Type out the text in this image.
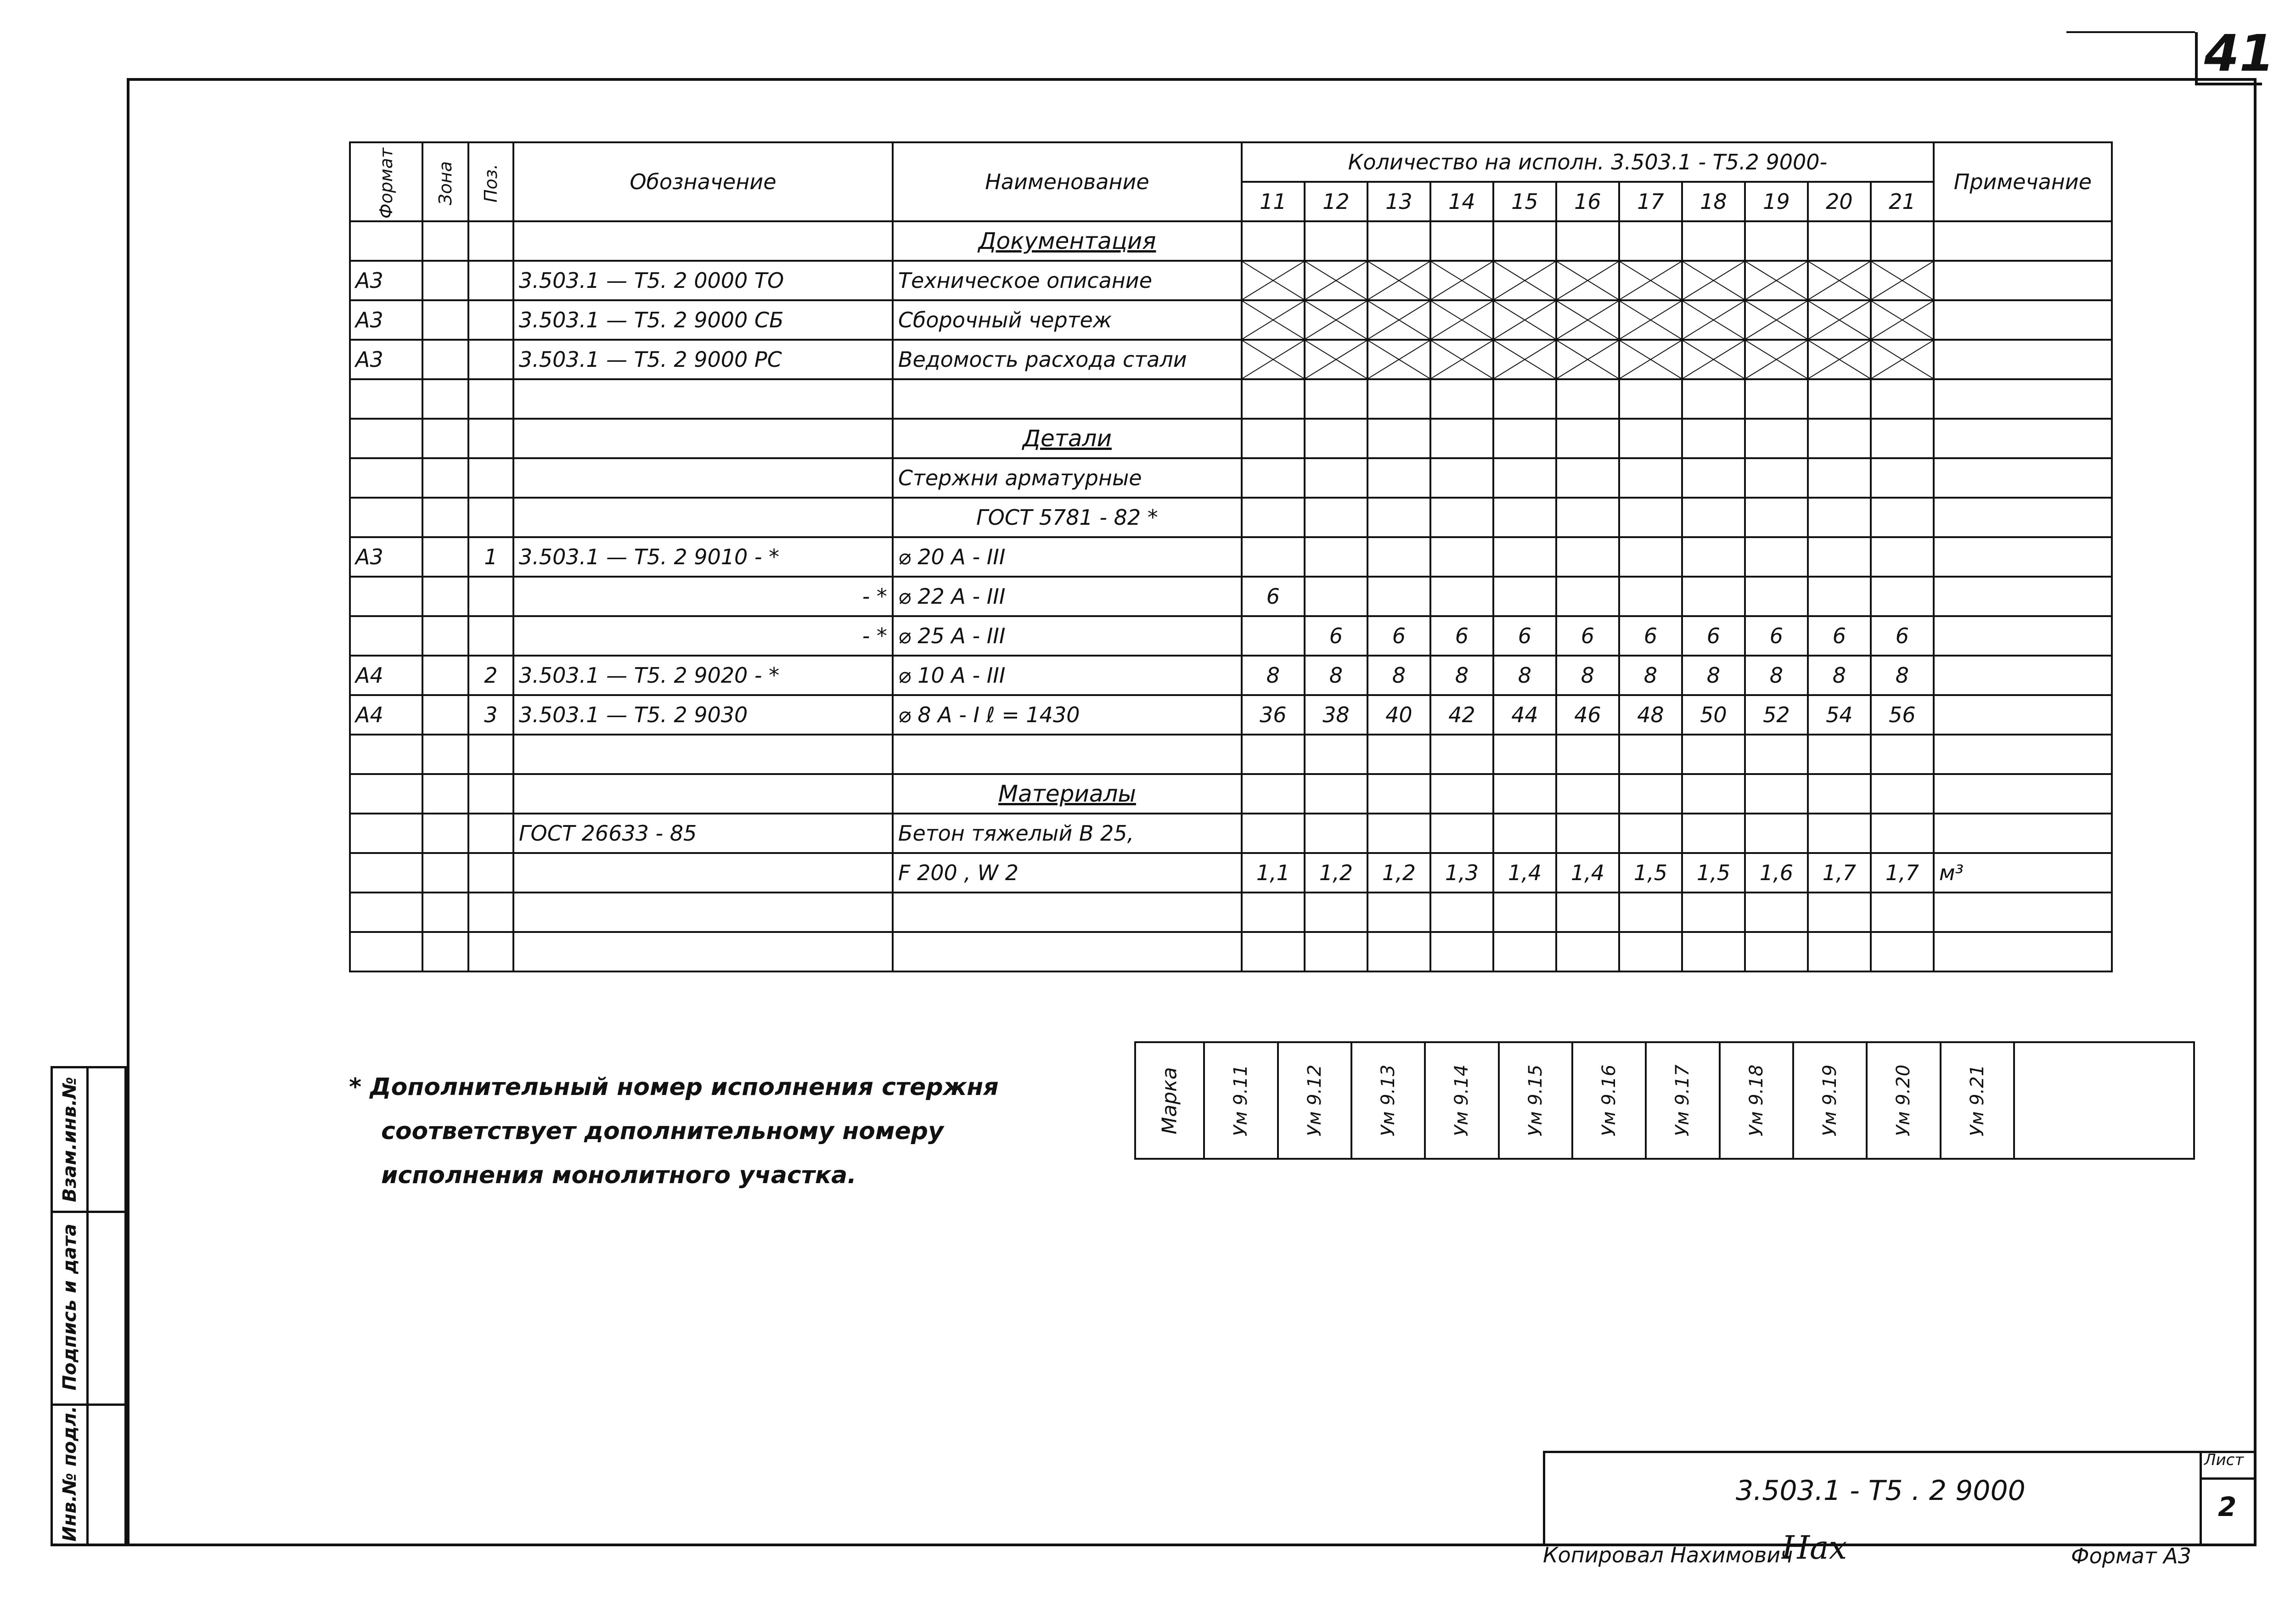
41
Взам.инв.№
Подпись и дата
Инв.№ подл.
Формат	Зона	Поз.	Обозначение	Наименование	Количество на исполн. 3.503.1 - Т5.2 9000-											Примечание
					11	12	13	14	15	16	17	18	19	20	21	
				Документация												
А3			3.503.1 — Т5. 2 0000 ТО	Техническое описание	

А3			3.503.1 — Т5. 2 9000 СБ	Сборочный чертеж	

А3			3.503.1 — Т5. 2 9000 РС	Ведомость расхода стали	

				Детали												
				Стержни арматурные												
				ГОСТ 5781 - 82 *												
А3		1	3.503.1 — Т5. 2 9010 - *	⌀ 20 А - III												
			- *	⌀ 22 А - III	6											
			- *	⌀ 25 А - III		6	6	6	6	6	6	6	6	6	6	
А4		2	3.503.1 — Т5. 2 9020 - *	⌀ 10 А - III	8	8	8	8	8	8	8	8	8	8	8	
А4		3	3.503.1 — Т5. 2 9030	⌀ 8 А - I ℓ = 1430	36	38	40	42	44	46	48	50	52	54	56	

				Материалы												
			ГОСТ 26633 - 85	Бетон тяжелый В 25,												
				F 200 , W 2	1,1	1,2	1,2	1,3	1,4	1,4	1,5	1,5	1,6	1,7	1,7	м³

Марка	Ум 9.11	Ум 9.12	Ум 9.13	Ум 9.14	Ум 9.15	Ум 9.16	Ум 9.17	Ум 9.18	Ум 9.19	Ум 9.20	Ум 9.21	
* Дополнительный номер исполнения стержня
соответствует дополнительному номеру
исполнения монолитного участка.
3.503.1 - Т5 . 2 9000
Лист
2
Копировал Нахимович
Нах	Формат А3
